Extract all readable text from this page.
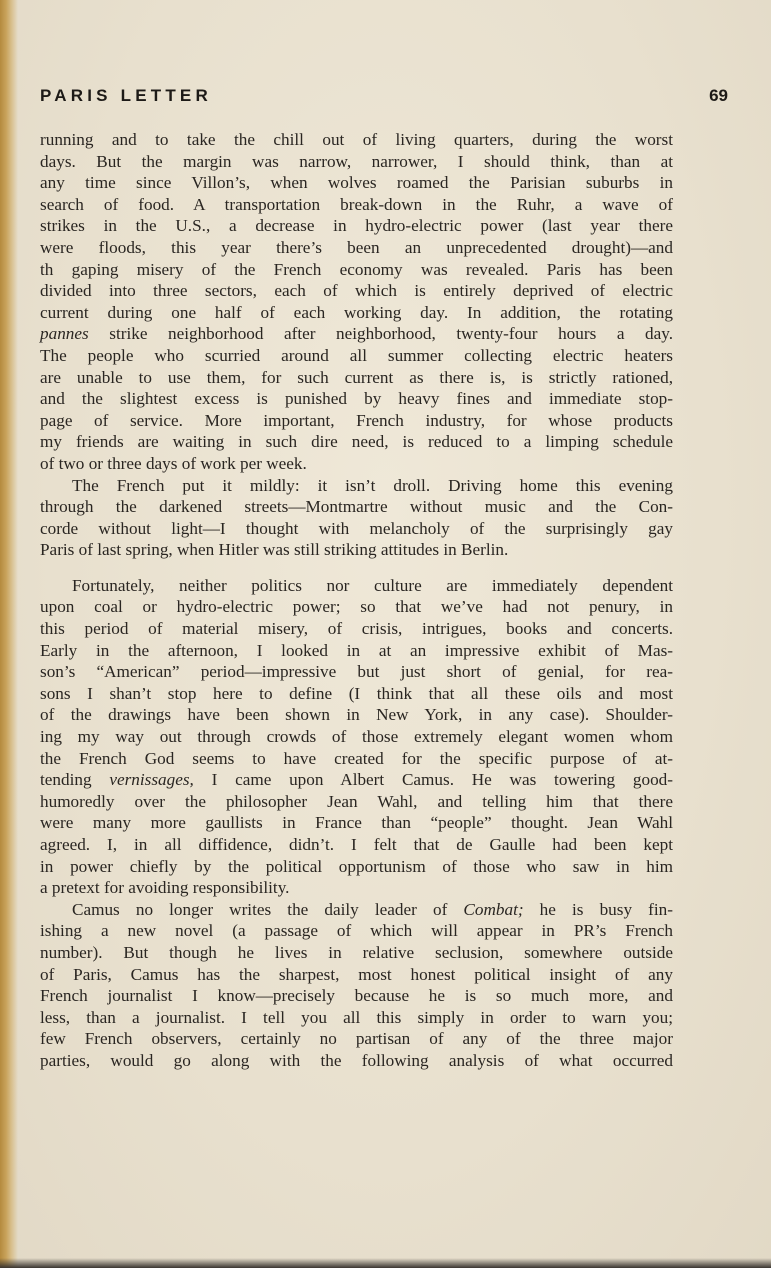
PARIS LETTER	69
running and to take the chill out of living quarters, during the worst
days. But the margin was narrow, narrower, I should think, than at
any time since Villon’s, when wolves roamed the Parisian suburbs in
search of food. A transportation break-down in the Ruhr, a wave of
strikes in the U.S., a decrease in hydro-electric power (last year there
were floods, this year there’s been an unprecedented drought)—and
th gaping misery of the French economy was revealed. Paris has been
divided into three sectors, each of which is entirely deprived of electric
current during one half of each working day. In addition, the rotating
pannes strike neighborhood after neighborhood, twenty-four hours a day.
The people who scurried around all summer collecting electric heaters
are unable to use them, for such current as there is, is strictly rationed,
and the slightest excess is punished by heavy fines and immediate stop-
page of service. More important, French industry, for whose products
my friends are waiting in such dire need, is reduced to a limping schedule
of two or three days of work per week.
The French put it mildly: it isn’t droll. Driving home this evening
through the darkened streets—Montmartre without music and the Con-
corde without light—I thought with melancholy of the surprisingly gay
Paris of last spring, when Hitler was still striking attitudes in Berlin.
Fortunately, neither politics nor culture are immediately dependent
upon coal or hydro-electric power; so that we’ve had not penury, in
this period of material misery, of crisis, intrigues, books and concerts.
Early in the afternoon, I looked in at an impressive exhibit of Mas-
son’s “American” period—impressive but just short of genial, for rea-
sons I shan’t stop here to define (I think that all these oils and most
of the drawings have been shown in New York, in any case). Shoulder-
ing my way out through crowds of those extremely elegant women whom
the French God seems to have created for the specific purpose of at-
tending vernissages, I came upon Albert Camus. He was towering good-
humoredly over the philosopher Jean Wahl, and telling him that there
were many more gaullists in France than “people” thought. Jean Wahl
agreed. I, in all diffidence, didn’t. I felt that de Gaulle had been kept
in power chiefly by the political opportunism of those who saw in him
a pretext for avoiding responsibility.
Camus no longer writes the daily leader of Combat; he is busy fin-
ishing a new novel (a passage of which will appear in PR’s French
number). But though he lives in relative seclusion, somewhere outside
of Paris, Camus has the sharpest, most honest political insight of any
French journalist I know—precisely because he is so much more, and
less, than a journalist. I tell you all this simply in order to warn you;
few French observers, certainly no partisan of any of the three major
parties, would go along with the following analysis of what occurred
